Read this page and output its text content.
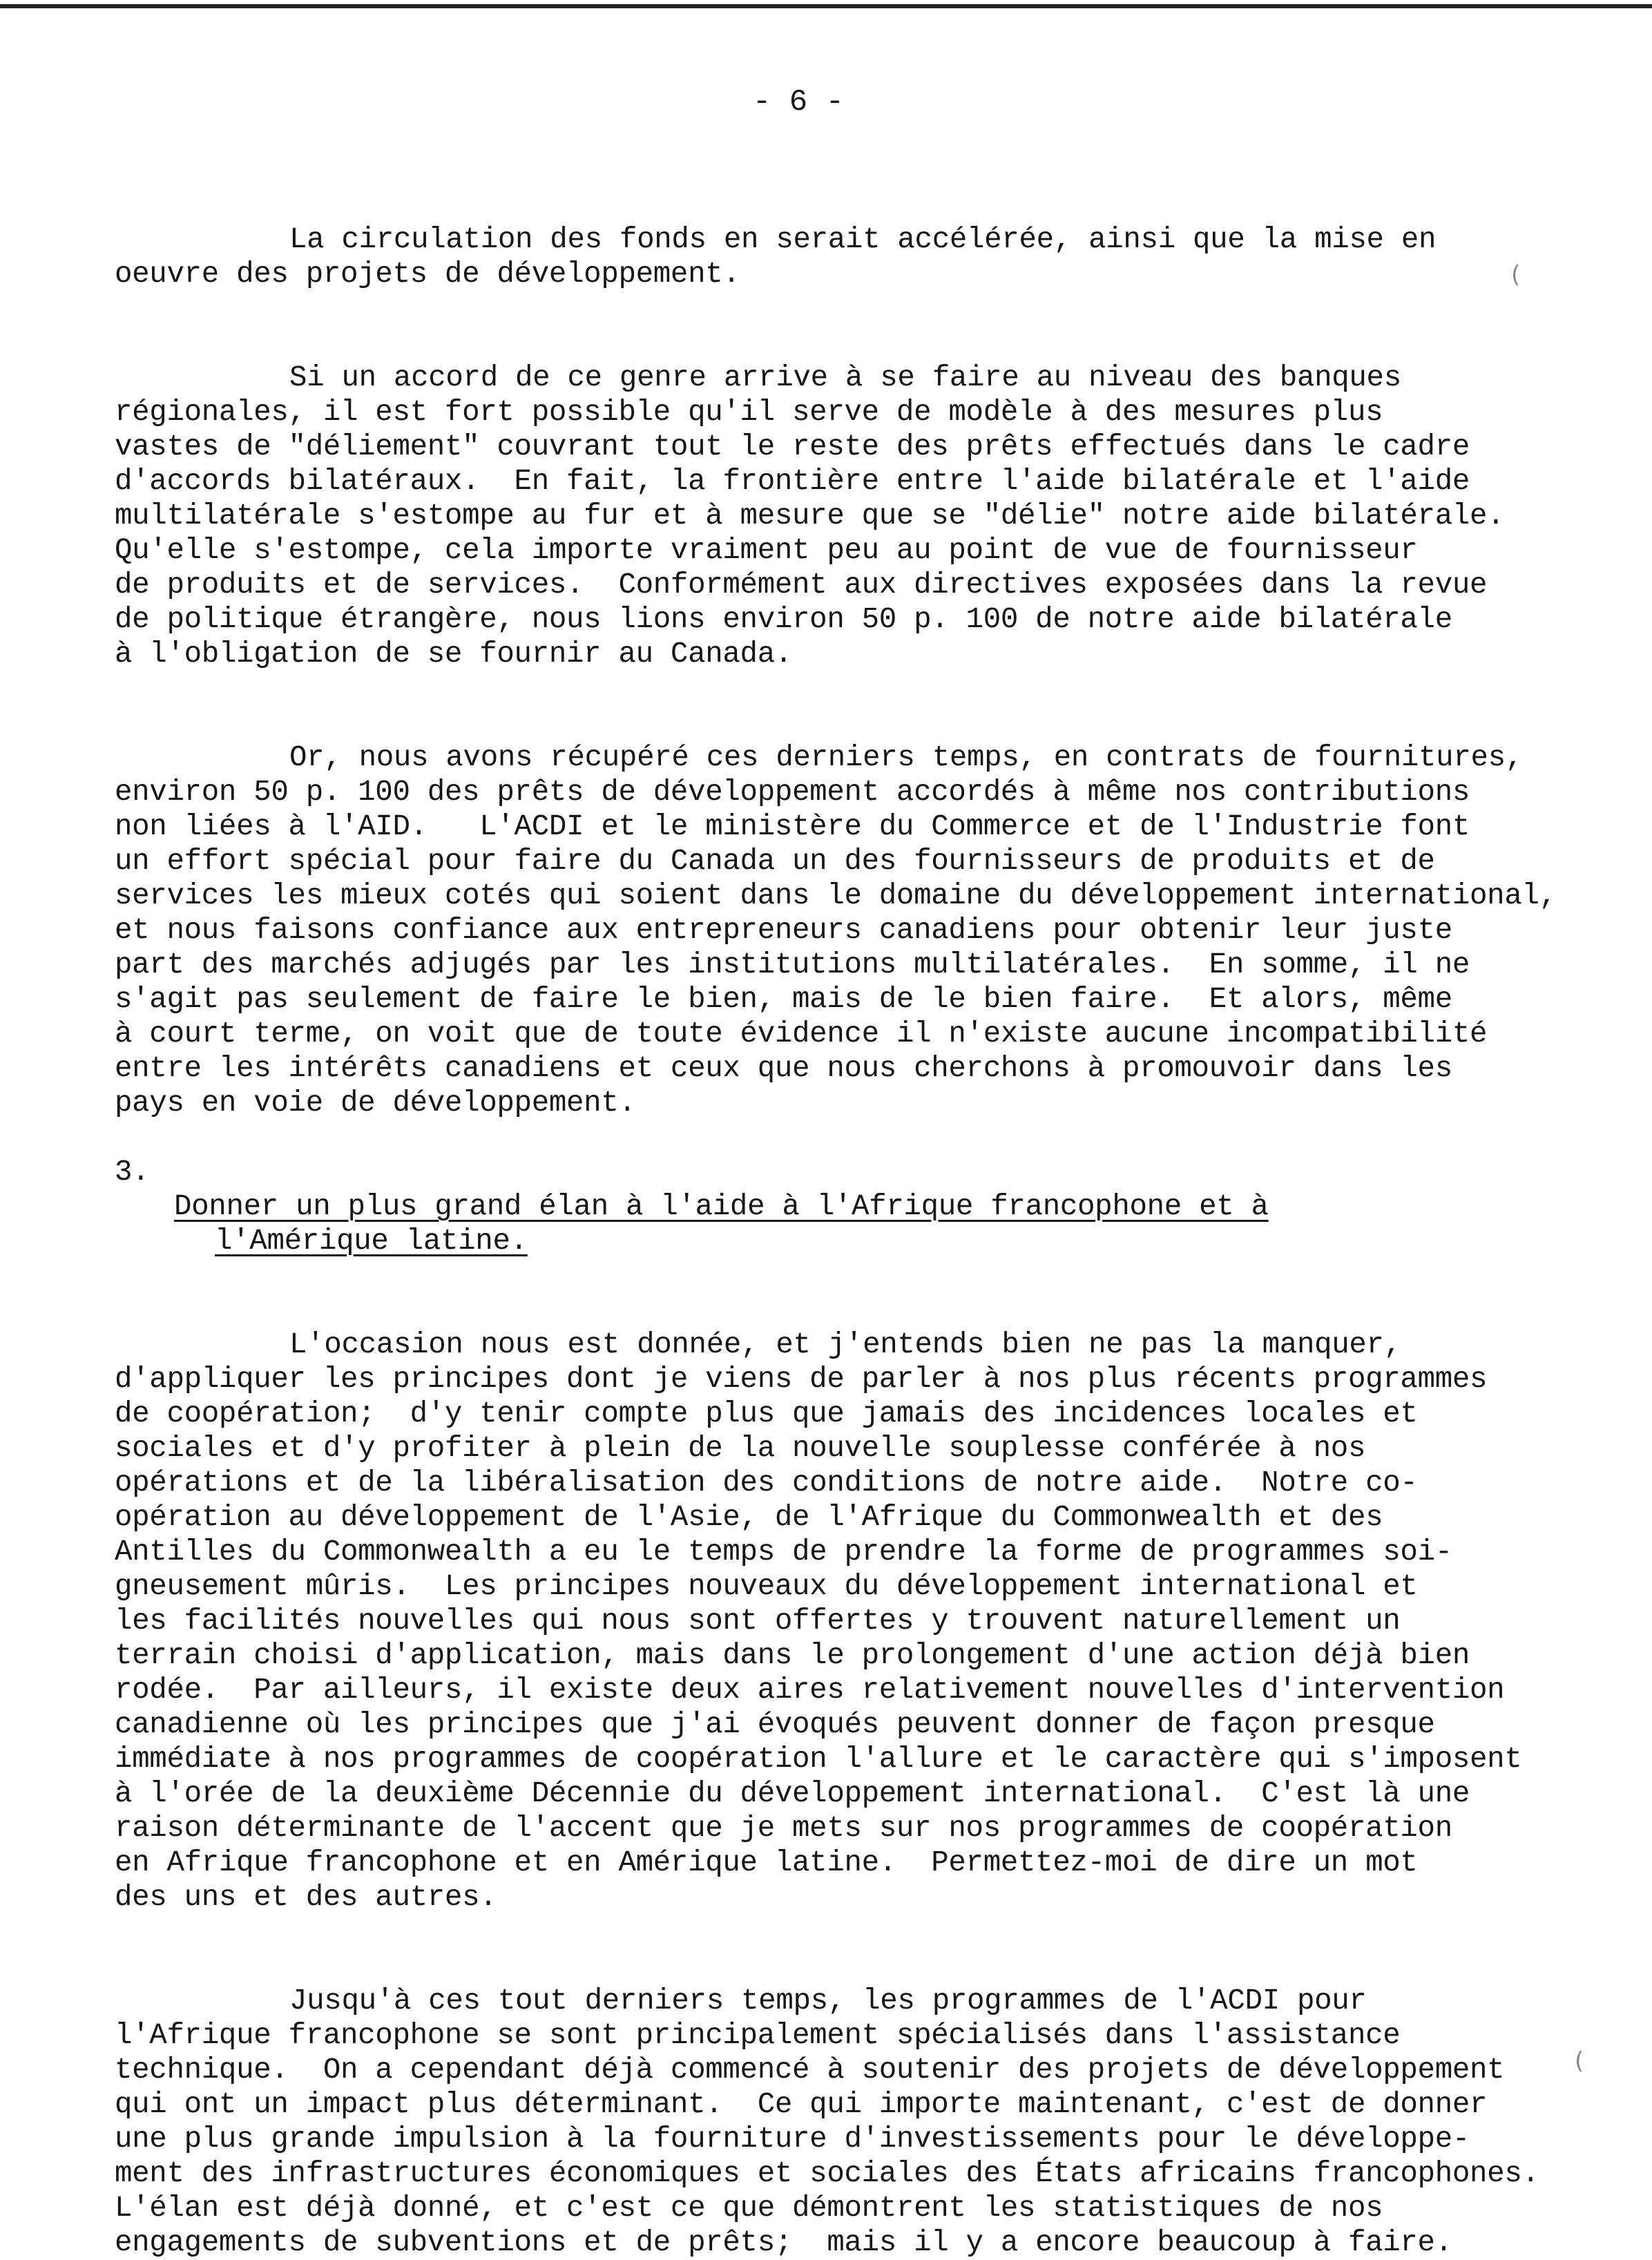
- 6 -
(
(

La circulation des fonds en serait accélérée, ainsi que la mise en
oeuvre des projets de développement.

Si un accord de ce genre arrive à se faire au niveau des banques
régionales, il est fort possible qu'il serve de modèle à des mesures plus
vastes de "déliement" couvrant tout le reste des prêts effectués dans le cadre
d'accords bilatéraux.  En fait, la frontière entre l'aide bilatérale et l'aide
multilatérale s'estompe au fur et à mesure que se "délie" notre aide bilatérale.
Qu'elle s'estompe, cela importe vraiment peu au point de vue de fournisseur
de produits et de services.  Conformément aux directives exposées dans la revue
de politique étrangère, nous lions environ 50 p. 100 de notre aide bilatérale
à l'obligation de se fournir au Canada.

Or, nous avons récupéré ces derniers temps, en contrats de fournitures,
environ 50 p. 100 des prêts de développement accordés à même nos contributions
non liées à l'AID.   L'ACDI et le ministère du Commerce et de l'Industrie font
un effort spécial pour faire du Canada un des fournisseurs de produits et de
services les mieux cotés qui soient dans le domaine du développement international,
et nous faisons confiance aux entrepreneurs canadiens pour obtenir leur juste
part des marchés adjugés par les institutions multilatérales.  En somme, il ne
s'agit pas seulement de faire le bien, mais de le bien faire.  Et alors, même
à court terme, on voit que de toute évidence il n'existe aucune incompatibilité
entre les intérêts canadiens et ceux que nous cherchons à promouvoir dans les
pays en voie de développement.

3.
Donner un plus grand élan à l'aide à l'Afrique francophone et à
l'Amérique latine.

L'occasion nous est donnée, et j'entends bien ne pas la manquer,
d'appliquer les principes dont je viens de parler à nos plus récents programmes
de coopération;  d'y tenir compte plus que jamais des incidences locales et
sociales et d'y profiter à plein de la nouvelle souplesse conférée à nos
opérations et de la libéralisation des conditions de notre aide.  Notre co-
opération au développement de l'Asie, de l'Afrique du Commonwealth et des
Antilles du Commonwealth a eu le temps de prendre la forme de programmes soi-
gneusement mûris.  Les principes nouveaux du développement international et
les facilités nouvelles qui nous sont offertes y trouvent naturellement un
terrain choisi d'application, mais dans le prolongement d'une action déjà bien
rodée.  Par ailleurs, il existe deux aires relativement nouvelles d'intervention
canadienne où les principes que j'ai évoqués peuvent donner de façon presque
immédiate à nos programmes de coopération l'allure et le caractère qui s'imposent
à l'orée de la deuxième Décennie du développement international.  C'est là une
raison déterminante de l'accent que je mets sur nos programmes de coopération
en Afrique francophone et en Amérique latine.  Permettez-moi de dire un mot
des uns et des autres.

Jusqu'à ces tout derniers temps, les programmes de l'ACDI pour
l'Afrique francophone se sont principalement spécialisés dans l'assistance
technique.  On a cependant déjà commencé à soutenir des projets de développement
qui ont un impact plus déterminant.  Ce qui importe maintenant, c'est de donner
une plus grande impulsion à la fourniture d'investissements pour le développe-
ment des infrastructures économiques et sociales des États africains francophones.
L'élan est déjà donné, et c'est ce que démontrent les statistiques de nos
engagements de subventions et de prêts;  mais il y a encore beaucoup à faire.
